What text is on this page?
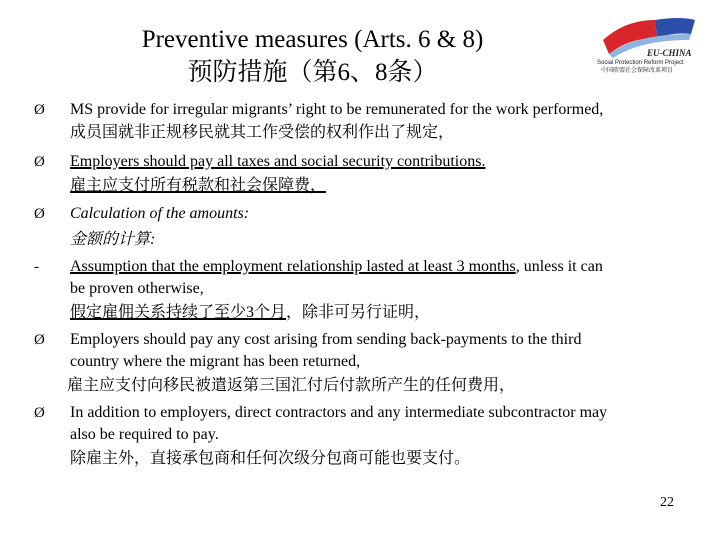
Preventive measures (Arts. 6 & 8)
预防措施（第6、8条）
EU-CHINA
Social Protection Reform Project
中国欧盟社会保障改革项目
Ø MS provide for irregular migrants’ right to be remunerated for the work performed,
成员国就非正规移民就其工作受偿的权利作出了规定，
Ø Employers should pay all taxes and social security contributions.
雇主应支付所有税款和社会保障费，
Ø Calculation of the amounts:
金额的计算:
- Assumption that the employment relationship lasted at least 3 months, unless it can
be proven otherwise,
假定雇佣关系持续了至少3个月，除非可另行证明，
Ø Employers should pay any cost arising from sending back-payments to the third
country where the migrant has been returned,
雇主应支付向移民被遣返第三国汇付后付款所产生的任何费用，
Ø In addition to employers, direct contractors and any intermediate subcontractor may
also be required to pay.
除雇主外，直接承包商和任何次级分包商可能也要支付。
22
